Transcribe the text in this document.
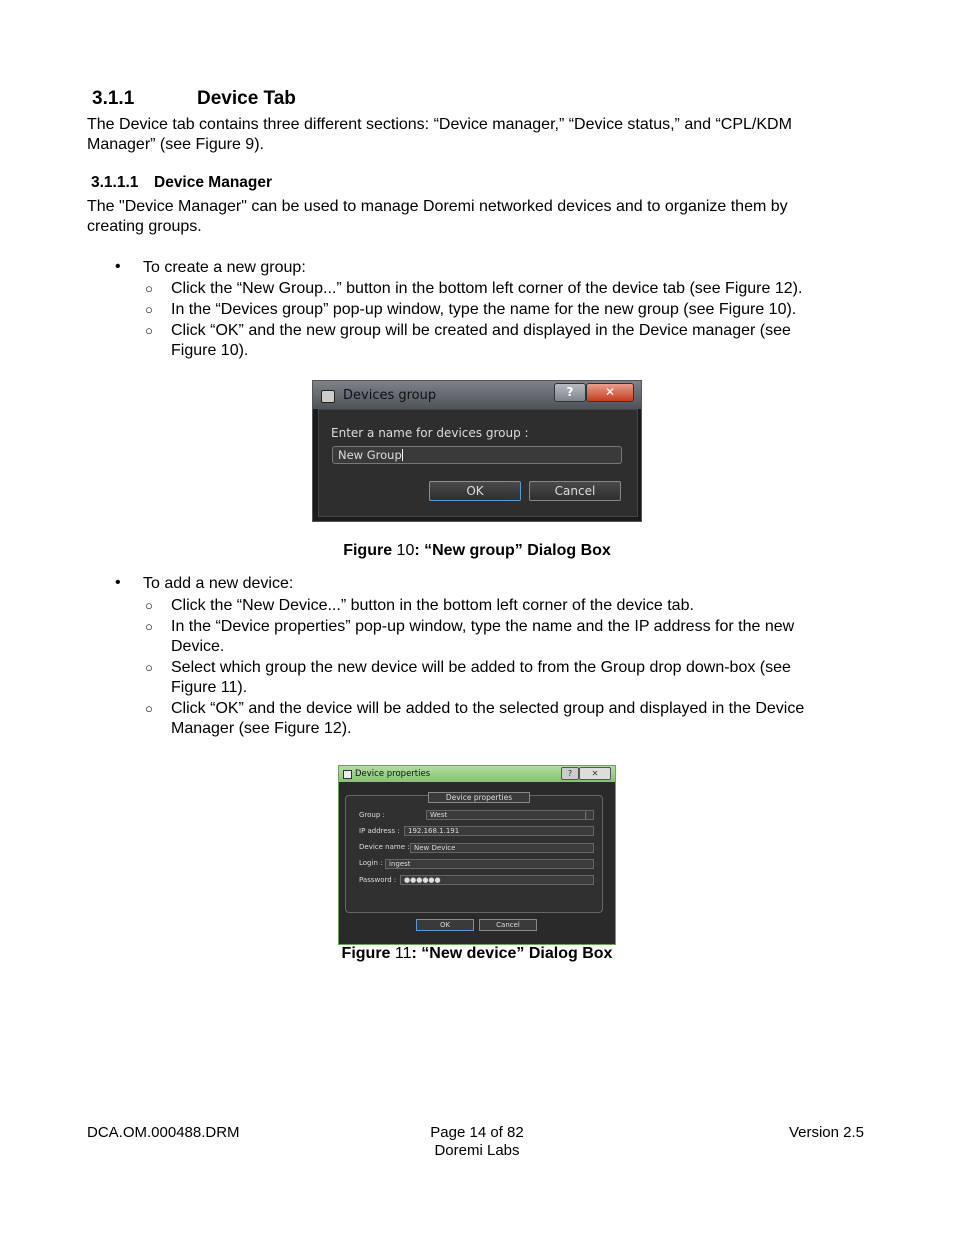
3.1.1	Device Tab
The Device tab contains three different sections: “Device manager,” “Device status,” and “CPL/KDM
Manager” (see Figure 9).
3.1.1.1 Device Manager
The "Device Manager" can be used to manage Doremi networked devices and to organize them by
creating groups.
• To create a new group:
○ Click the “New Group...” button in the bottom left corner of the device tab (see Figure 12).
○ In the “Devices group” pop-up window, type the name for the new group (see Figure 10).
○ Click “OK” and the new group will be created and displayed in the Device manager (see
Figure 10).
Devices group	?	✕
Enter a name for devices group :
New Group
OK	Cancel
Figure 10: “New group” Dialog Box
• To add a new device:
○ Click the “New Device...” button in the bottom left corner of the device tab.
○ In the “Device properties” pop-up window, type the name and the IP address for the new
Device.
○ Select which group the new device will be added to from the Group drop down-box (see
Figure 11).
○ Click “OK” and the device will be added to the selected group and displayed in the Device
Manager (see Figure 12).
Device properties	?	✕
Device properties
Group :	West	|
IP address :	192.168.1.191
Device name : New Device
Login : ingest
Password :	●●●●●●
OK	Cancel
Figure 11: “New device” Dialog Box
DCA.OM.000488.DRM	Page 14 of 82
Doremi Labs
Version 2.5
